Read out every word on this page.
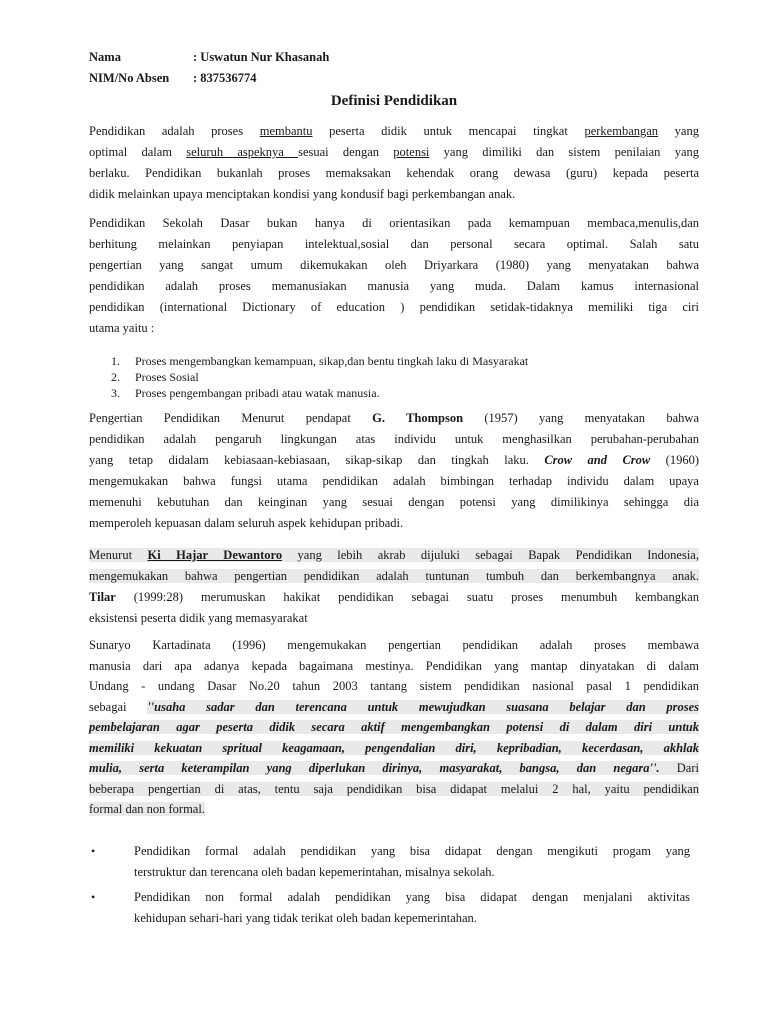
Nama	: Uswatun Nur Khasanah
NIM/No Absen : 837536774
Definisi Pendidikan
Pendidikan adalah proses membantu peserta didik untuk mencapai tingkat perkembangan yang
optimal dalam seluruh aspeknya sesuai dengan potensi yang dimiliki dan sistem penilaian yang
berlaku. Pendidikan bukanlah proses memaksakan kehendak orang dewasa (guru) kepada peserta
didik melainkan upaya menciptakan kondisi yang kondusif bagi perkembangan anak.
Pendidikan Sekolah Dasar bukan hanya di orientasikan pada kemampuan membaca,menulis,dan
berhitung melainkan penyiapan intelektual,sosial dan personal secara optimal. Salah satu
pengertian yang sangat umum dikemukakan oleh Driyarkara (1980) yang menyatakan bahwa
pendidikan adalah proses memanusiakan manusia yang muda. Dalam kamus internasional
pendidikan (international Dictionary of education ) pendidikan setidak-tidaknya memiliki tiga ciri
utama yaitu :
1. Proses mengembangkan kemampuan, sikap,dan bentu tingkah laku di Masyarakat
2. Proses Sosial
3. Proses pengembangan pribadi atau watak manusia.
Pengertian Pendidikan Menurut pendapat G. Thompson (1957) yang menyatakan bahwa
pendidikan adalah pengaruh lingkungan atas individu untuk menghasilkan perubahan-perubahan
yang tetap didalam kebiasaan-kebiasaan, sikap-sikap dan tingkah laku. Crow and Crow (1960)
mengemukakan bahwa fungsi utama pendidikan adalah bimbingan terhadap individu dalam upaya
memenuhi kebutuhan dan keinginan yang sesuai dengan potensi yang dimilikinya sehingga dia
memperoleh kepuasan dalam seluruh aspek kehidupan pribadi.
Menurut Ki Hajar Dewantoro yang lebih akrab dijuluki sebagai Bapak Pendidikan Indonesia,
mengemukakan bahwa pengertian pendidikan adalah tuntunan tumbuh dan berkembangnya anak.
Tilar (1999:28) merumuskan hakikat pendidikan sebagai suatu proses menumbuh kembangkan
eksistensi peserta didik yang memasyarakat
Sunaryo Kartadinata (1996) mengemukakan pengertian pendidikan adalah proses membawa
manusia dari apa adanya kepada bagaimana mestinya. Pendidikan yang mantap dinyatakan di dalam
Undang - undang Dasar No.20 tahun 2003 tantang sistem pendidikan nasional pasal 1 pendidikan
sebagai ''usaha sadar dan terencana untuk mewujudkan suasana belajar dan proses
pembelajaran agar peserta didik secara aktif mengembangkan potensi di dalam diri untuk
memiliki kekuatan spritual keagamaan, pengendalian diri, kepribadian, kecerdasan, akhlak
mulia, serta keterampilan yang diperlukan dirinya, masyarakat, bangsa, dan negara''. Dari
beberapa pengertian di atas, tentu saja pendidikan bisa didapat melalui 2 hal, yaitu pendidikan
formal dan non formal.
•	Pendidikan formal adalah pendidikan yang bisa didapat dengan mengikuti progam yang
terstruktur dan terencana oleh badan kepemerintahan, misalnya sekolah.
•	Pendidikan non formal adalah pendidikan yang bisa didapat dengan menjalani aktivitas
kehidupan sehari-hari yang tidak terikat oleh badan kepemerintahan.
